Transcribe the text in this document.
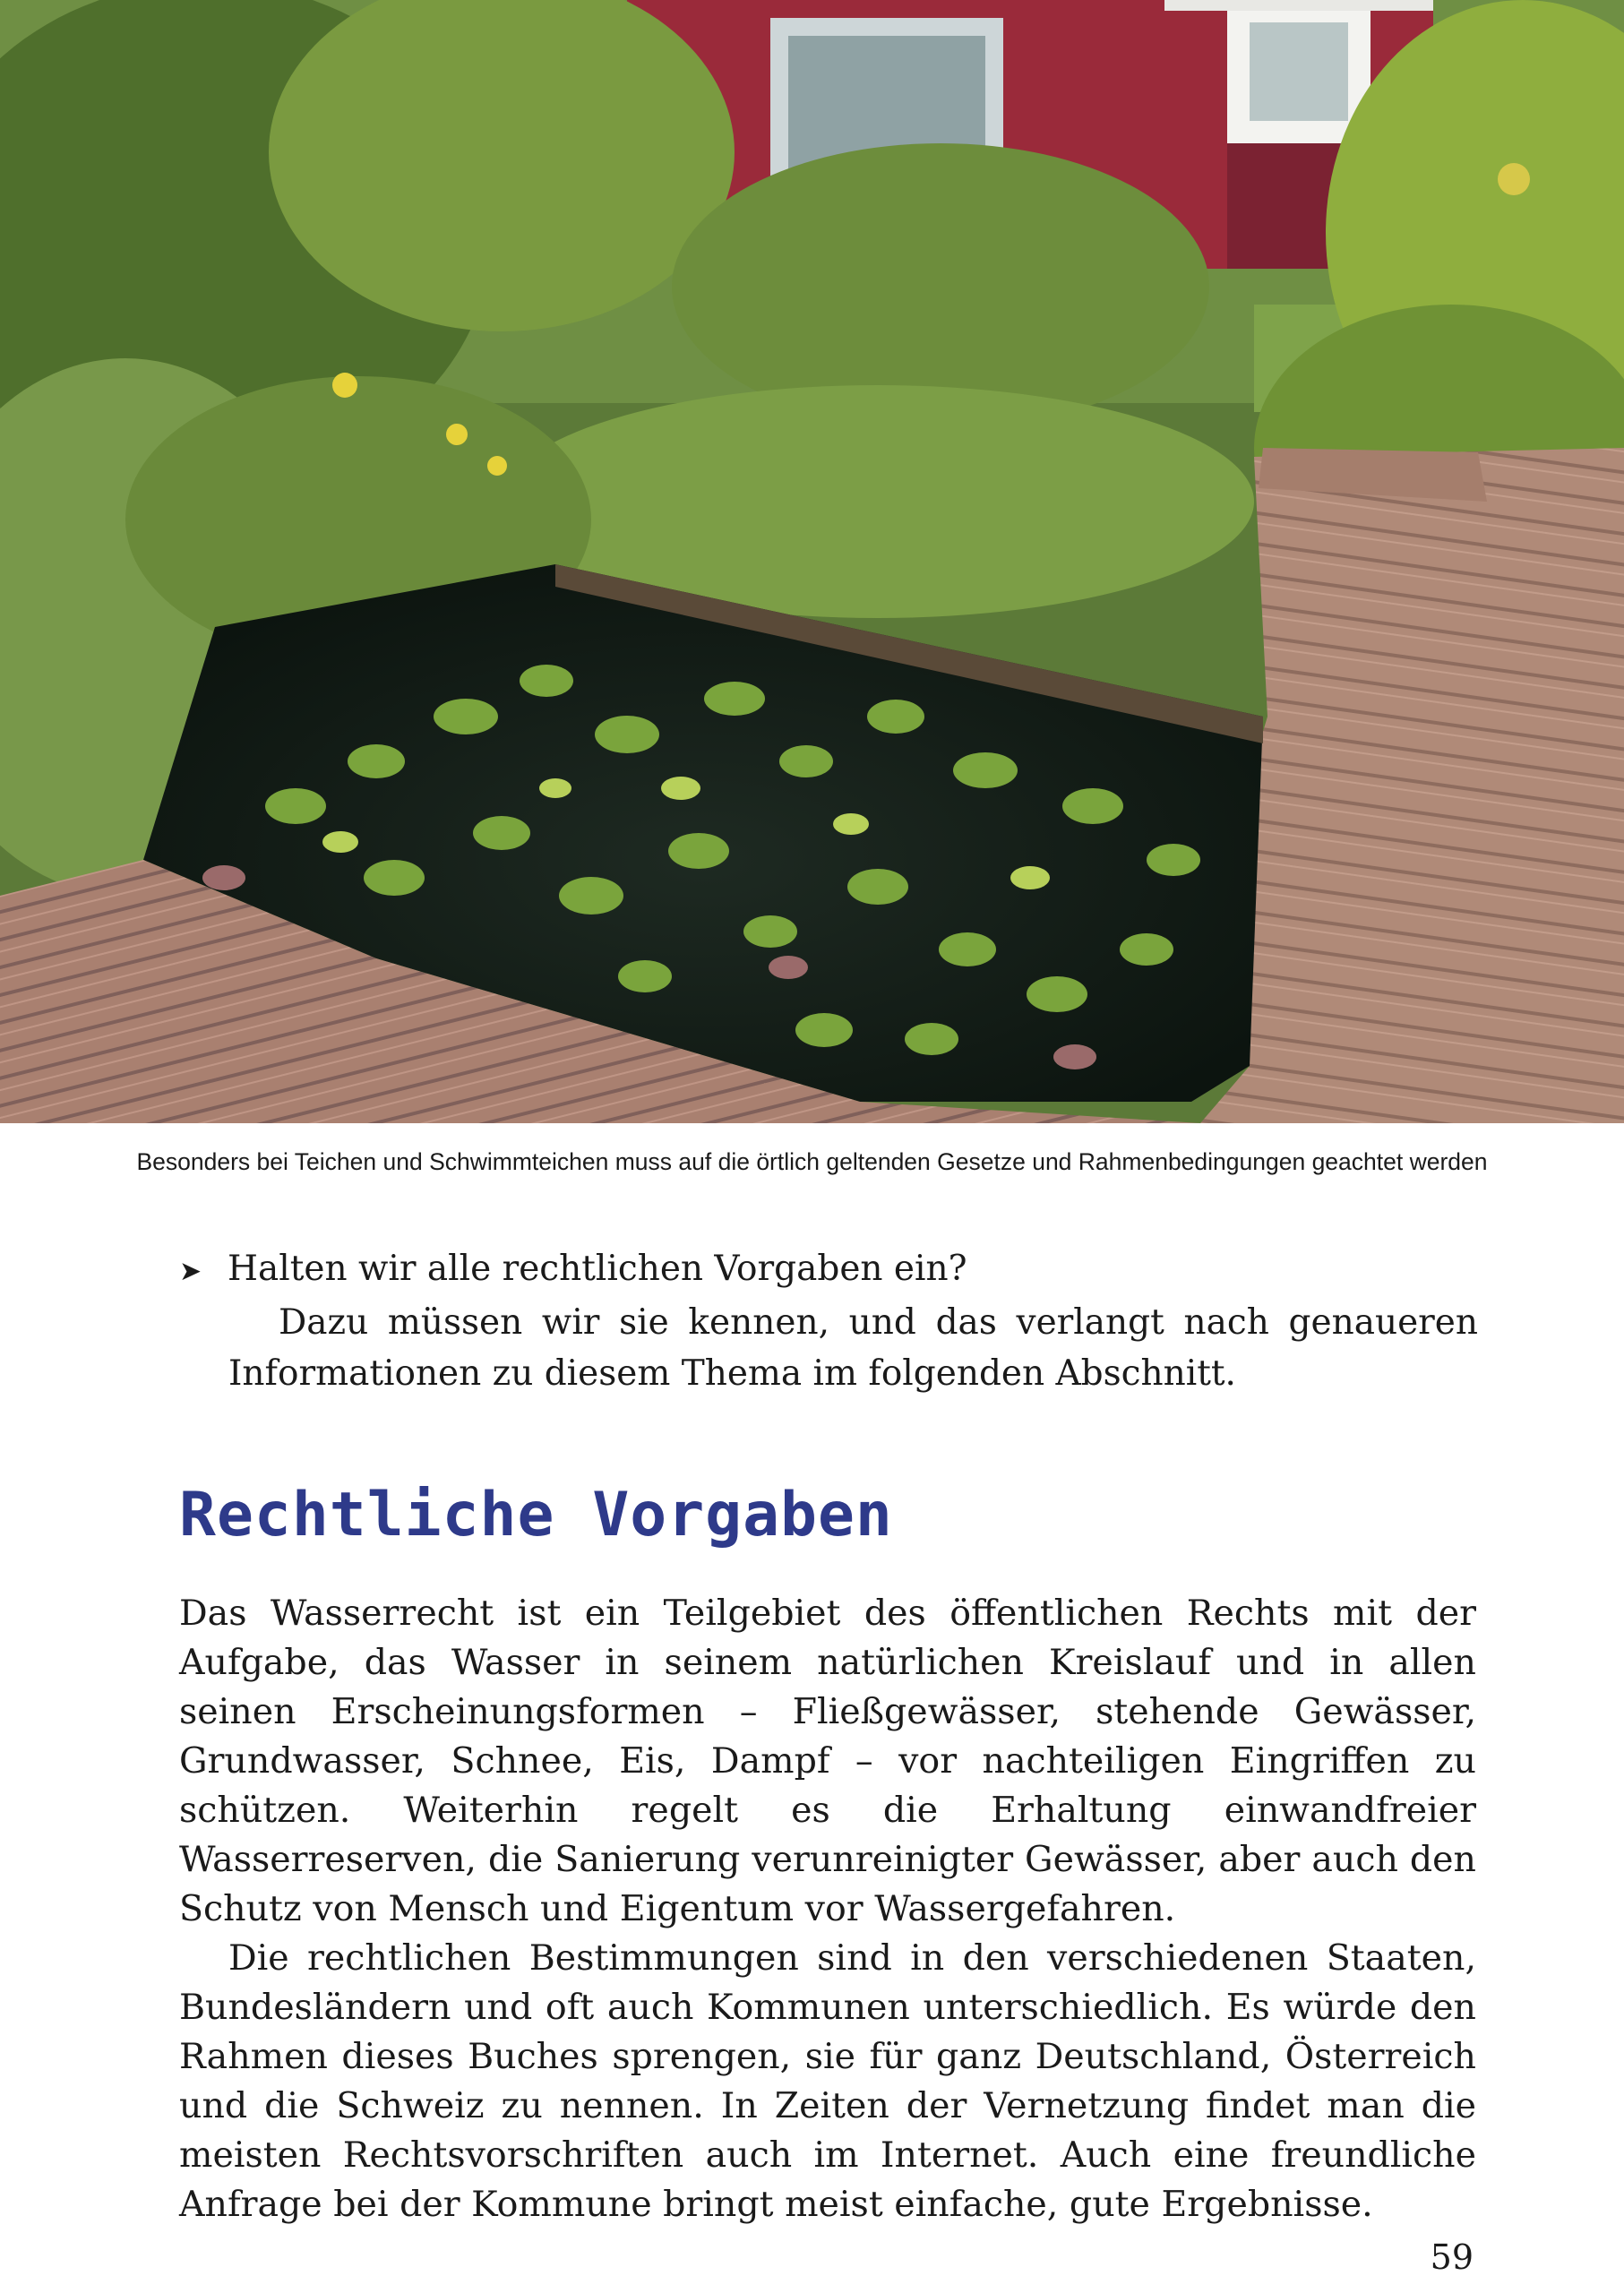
Besonders bei Teichen und Schwimmteichen muss auf die örtlich geltenden Gesetze und Rahmenbedingungen geachtet werden
➤ Halten wir alle rechtlichen Vorgaben ein?

Dazu müssen wir sie kennen, und das verlangt nach genaueren Informationen zu diesem Thema im folgenden Abschnitt.

Rechtliche Vorgaben

Das Wasserrecht ist ein Teilgebiet des öffentlichen Rechts mit der Aufgabe, das Wasser in seinem natürlichen Kreislauf und in allen seinen Erscheinungsformen – Fließgewässer, stehende Gewässer, Grundwasser, Schnee, Eis, Dampf – vor nachteiligen Eingriffen zu schützen. Weiterhin regelt es die Erhaltung einwandfreier Wasserreserven, die Sanierung verunreinigter Gewässer, aber auch den Schutz von Mensch und Eigentum vor Wassergefahren.

Die rechtlichen Bestimmungen sind in den verschiedenen Staaten, Bundesländern und oft auch Kommunen unterschiedlich. Es würde den Rahmen dieses Buches sprengen, sie für ganz Deutschland, Österreich und die Schweiz zu nennen. In Zeiten der Vernetzung findet man die meisten Rechtsvorschriften auch im Internet. Auch eine freundliche Anfrage bei der Kommune bringt meist einfache, gute Ergebnisse.

59
